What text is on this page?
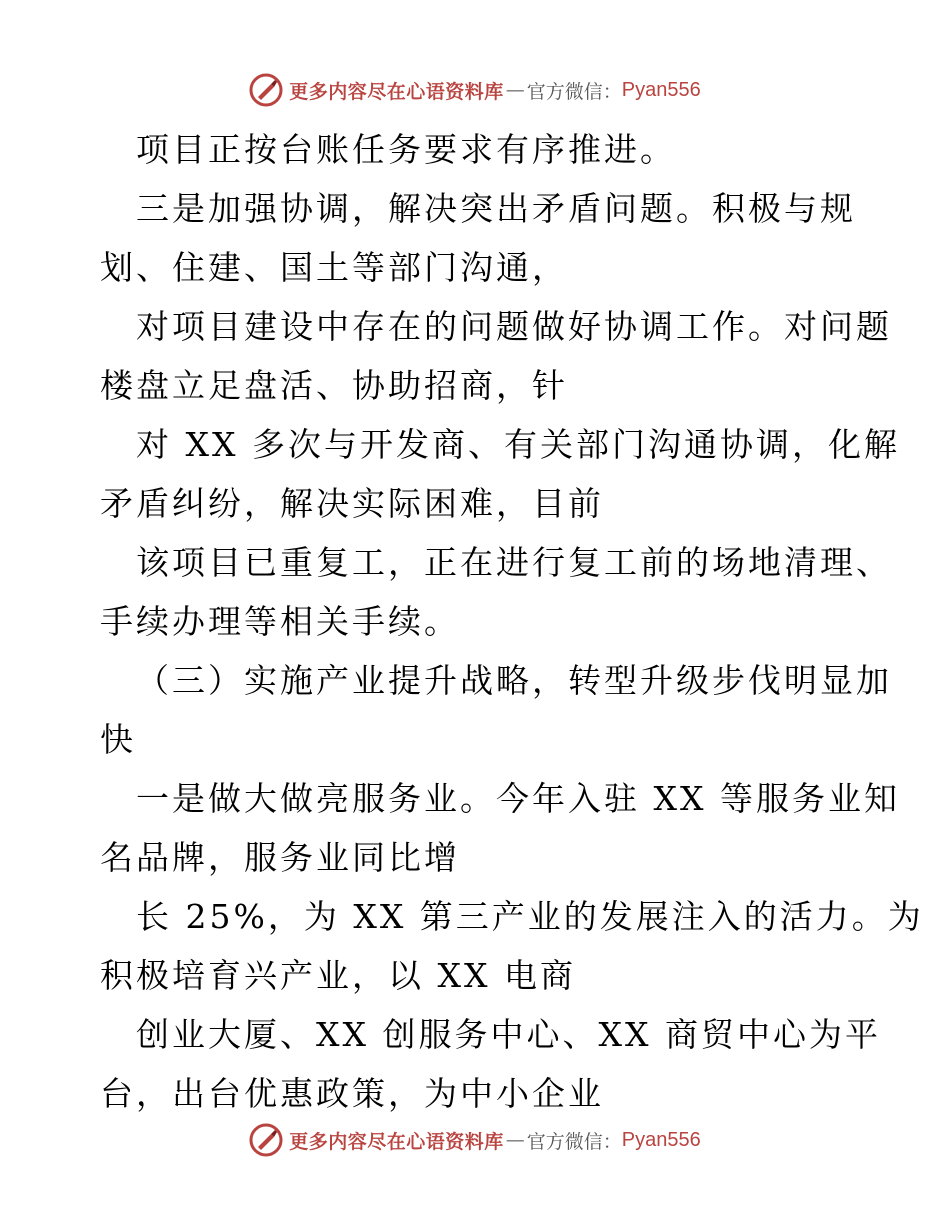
更多内容尽在心语资料库 — 官方微信： Pyan556
项目正按台账任务要求有序推进。
三是加强协调，解决突出矛盾问题。积极与规
划、住建、国土等部门沟通，
对项目建设中存在的问题做好协调工作。对问题
楼盘立足盘活、协助招商，针
对 XX 多次与开发商、有关部门沟通协调，化解
矛盾纠纷，解决实际困难，目前
该项目已重复工，正在进行复工前的场地清理、
手续办理等相关手续。
（三）实施产业提升战略，转型升级步伐明显加
快
一是做大做亮服务业。今年入驻 XX 等服务业知
名品牌，服务业同比增
长 25%，为 XX 第三产业的发展注入的活力。为
积极培育兴产业，以 XX 电商
创业大厦、XX 创服务中心、XX 商贸中心为平
台，出台优惠政策，为中小企业
更多内容尽在心语资料库 — 官方微信： Pyan556
